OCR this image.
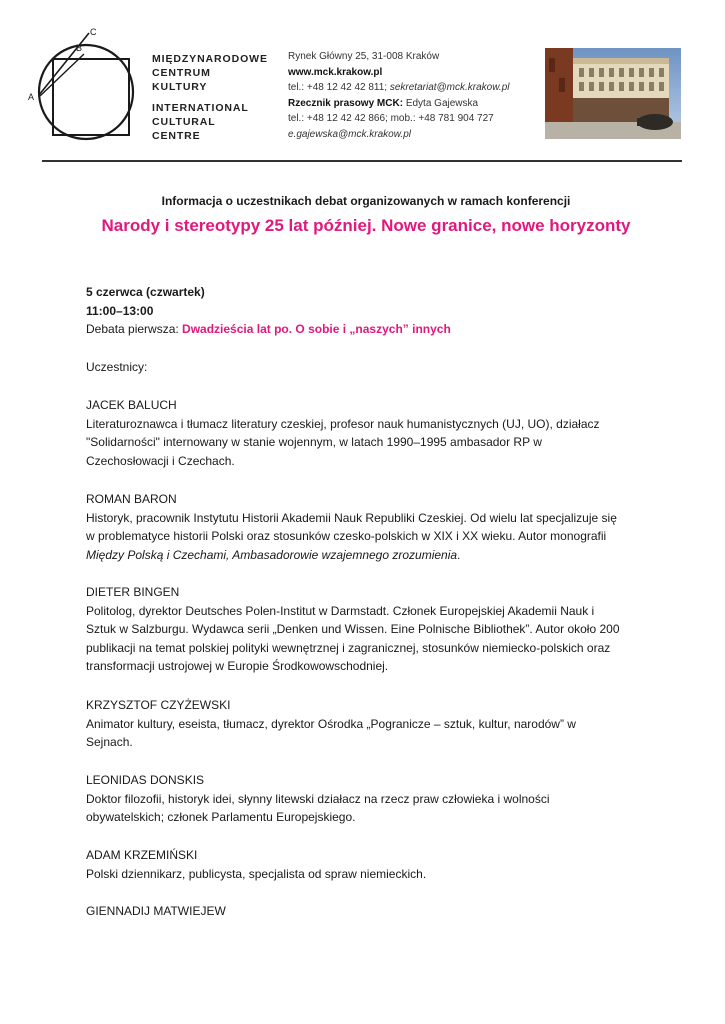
A
B
C
MIĘDZYNARODOWE
CENTRUM
KULTURY
INTERNATIONAL
CULTURAL
CENTRE
Rynek Główny 25, 31-008 Kraków
www.mck.krakow.pl
tel.: +48 12 42 42 811; sekretariat@mck.krakow.pl
Rzecznik prasowy MCK: Edyta Gajewska
tel.: +48 12 42 42 866; mob.: +48 781 904 727
e.gajewska@mck.krakow.pl
Informacja o uczestnikach debat organizowanych w ramach konferencji
Narody i stereotypy 25 lat później. Nowe granice, nowe horyzonty
5 czerwca (czwartek)
11:00–13:00
Debata pierwsza: Dwadzieścia lat po. O sobie i „naszych” innych
Uczestnicy:
JACEK BALUCH
Literaturoznawca i tłumacz literatury czeskiej, profesor nauk humanistycznych (UJ, UO), działacz
"Solidarności" internowany w stanie wojennym, w latach 1990–1995 ambasador RP w
Czechosłowacji i Czechach.
ROMAN BARON
Historyk, pracownik Instytutu Historii Akademii Nauk Republiki Czeskiej. Od wielu lat specjalizuje się
w problematyce historii Polski oraz stosunków czesko-polskich w XIX i XX wieku. Autor monografii
Między Polską i Czechami, Ambasadorowie wzajemnego zrozumienia.
DIETER BINGEN
Politolog, dyrektor Deutsches Polen-Institut w Darmstadt. Członek Europejskiej Akademii Nauk i
Sztuk w Salzburgu. Wydawca serii „Denken und Wissen. Eine Polnische Bibliothek”. Autor około 200
publikacji na temat polskiej polityki wewnętrznej i zagranicznej, stosunków niemiecko-polskich oraz
transformacji ustrojowej w Europie Środkowowschodniej.
KRZYSZTOF CZYŻEWSKI
Animator kultury, eseista, tłumacz, dyrektor Ośrodka „Pogranicze – sztuk, kultur, narodów” w
Sejnach.
LEONIDAS DONSKIS
Doktor filozofii, historyk idei, słynny litewski działacz na rzecz praw człowieka i wolności
obywatelskich; członek Parlamentu Europejskiego.
ADAM KRZEMIŃSKI
Polski dziennikarz, publicysta, specjalista od spraw niemieckich.
GIENNADIJ MATWIEJEW
